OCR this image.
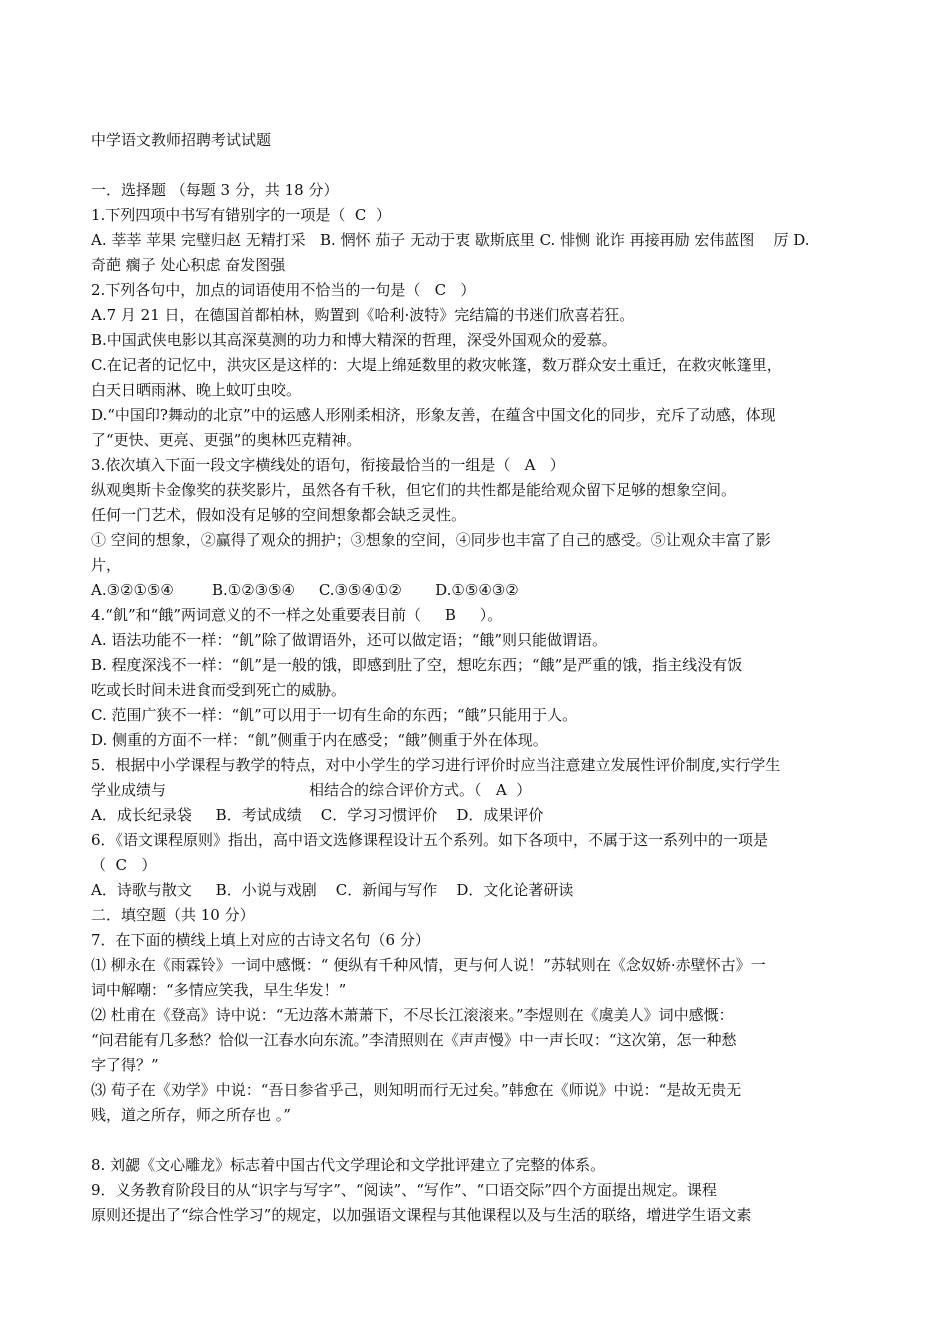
中学语文教师招聘考试试题
一．选择题 （每题 3 分，共 18 分）
1.下列四项中书写有错别字的一项是（  C  ）
A. 莘莘 苹果 完璧归赵 无精打采   B. 惘怀 茄子 无动于衷 歇斯底里 C. 悱恻 讹诈 再接再励 宏伟蓝图    厉 D.
奇葩 瘸子 处心积虑 奋发图强
2.下列各句中，加点的词语使用不恰当的一句是（   C   ）
A.7 月 21 日，在德国首都柏林，购置到《哈利·波特》完结篇的书迷们欣喜若狂。
B.中国武侠电影以其高深莫测的功力和博大精深的哲理，深受外国观众的爱慕。
C.在记者的记忆中，洪灾区是这样的：大堤上绵延数里的救灾帐篷，数万群众安土重迁，在救灾帐篷里，
白天日晒雨淋、晚上蚊叮虫咬。
D.“中国印?舞动的北京”中的运感人形刚柔相济，形象友善，在蕴含中国文化的同步，充斥了动感，体现
了“更快、更亮、更强”的奥林匹克精神。
3.依次填入下面一段文字横线处的语句，衔接最恰当的一组是（   A   ）
纵观奥斯卡金像奖的获奖影片，虽然各有千秋，但它们的共性都是能给观众留下足够的想象空间。
任何一门艺术，假如没有足够的空间想象都会缺乏灵性。
① 空间的想象，②赢得了观众的拥护；③想象的空间，④同步也丰富了自己的感受。⑤让观众丰富了影
片，
A.③②①⑤④        B.①②③⑤④     C.③⑤④①②       D.①⑤④③②
4.“飢”和“餓”两词意义的不一样之处重要表目前（     B     ）。
A. 语法功能不一样：“飢”除了做谓语外，还可以做定语；“餓”则只能做谓语。
B. 程度深浅不一样：“飢”是一般的饿，即感到肚了空，想吃东西；“餓”是严重的饿，指主线没有饭
吃或长时间未进食而受到死亡的威胁。
C. 范围广狭不一样：“飢”可以用于一切有生命的东西；“餓”只能用于人。
D. 侧重的方面不一样：“飢”侧重于内在感受；“餓”侧重于外在体现。
5．根据中小学课程与教学的特点，对中小学生的学习进行评价时应当注意建立发展性评价制度,实行学生
学业成绩与                              相结合的综合评价方式。（   A  ）
A．成长纪录袋     B．考试成绩    C．学习习惯评价    D．成果评价
6．《语文课程原则》指出，高中语文选修课程设计五个系列。如下各项中，不属于这一系列中的一项是
（  C   ）
A．诗歌与散文     B．小说与戏剧    C．新闻与写作    D．文化论著研读
二．填空题（共 10 分）
7．在下面的横线上填上对应的古诗文名句（6 分）
⑴ 柳永在《雨霖铃》一词中感慨：“ 便纵有千种风情，更与何人说！”苏轼则在《念奴娇·赤壁怀古》一
词中解嘲：“多情应笑我，早生华发！”
⑵ 杜甫在《登高》诗中说：“无边落木萧萧下，不尽长江滚滚来。”李煜则在《虞美人》词中感慨：
“问君能有几多愁？恰似一江春水向东流。”李清照则在《声声慢》中一声长叹：“这次第，怎一种愁
字了得？”
⑶ 荀子在《劝学》中说：“吾日参省乎己，则知明而行无过矣。”韩愈在《师说》中说：“是故无贵无
贱，道之所存，师之所存也 。”
8. 刘勰《文心雕龙》标志着中国古代文学理论和文学批评建立了完整的体系。
9．义务教育阶段目的从“识字与写字”、“阅读”、“写作”、“口语交际”四个方面提出规定。课程
原则还提出了“综合性学习”的规定，以加强语文课程与其他课程以及与生活的联络，增进学生语文素
